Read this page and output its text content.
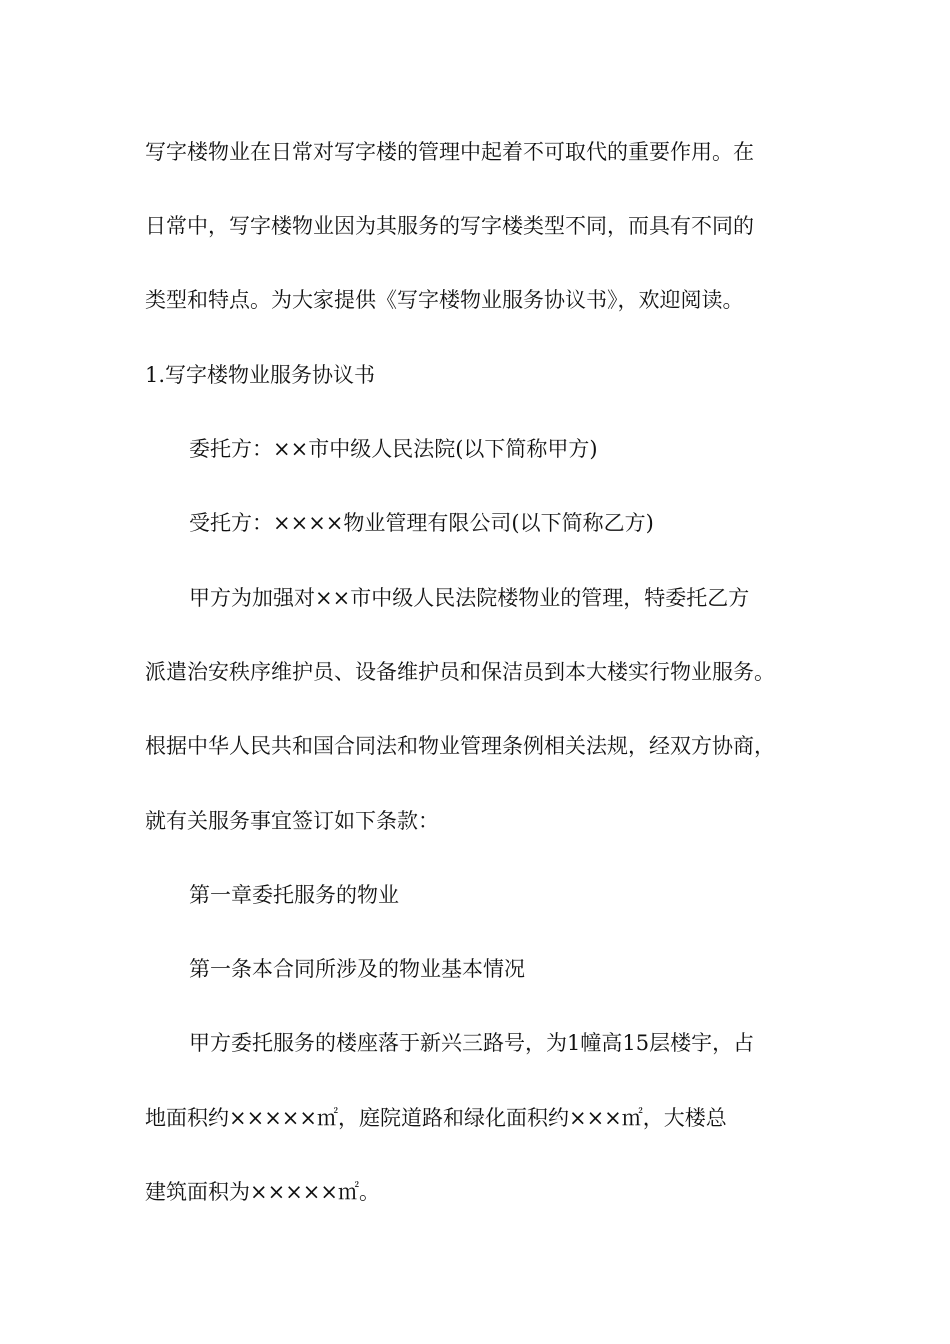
写字楼物业在日常对写字楼的管理中起着不可取代的重要作用。在
日常中，写字楼物业因为其服务的写字楼类型不同，而具有不同的
类型和特点。为大家提供《写字楼物业服务协议书》，欢迎阅读。
1.写字楼物业服务协议书
委托方：××市中级人民法院(以下简称甲方)
受托方：××××物业管理有限公司(以下简称乙方)
甲方为加强对××市中级人民法院楼物业的管理，特委托乙方
派遣治安秩序维护员、设备维护员和保洁员到本大楼实行物业服务。
根据中华人民共和国合同法和物业管理条例相关法规，经双方协商，
就有关服务事宜签订如下条款：
第一章委托服务的物业
第一条本合同所涉及的物业基本情况
甲方委托服务的楼座落于新兴三路号，为1幢高15层楼宇，占
地面积约×××××㎡，庭院道路和绿化面积约×××㎡，大楼总
建筑面积为×××××㎡。
